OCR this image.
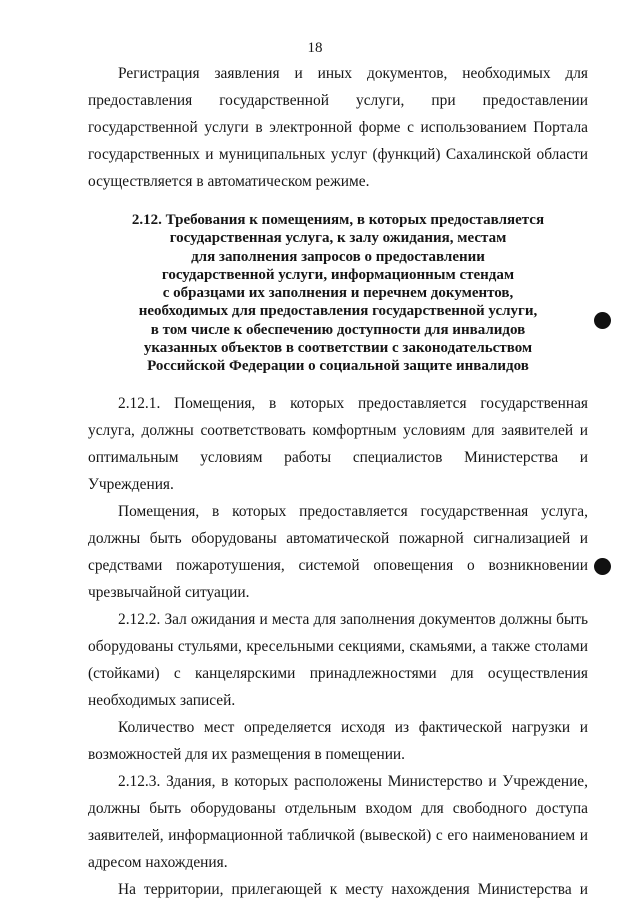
18

Регистрация заявления и иных документов, необходимых для предоставления государственной услуги, при предоставлении государственной услуги в электронной форме с использованием Портала государственных и муниципальных услуг (функций) Сахалинской области осуществляется в автоматическом режиме.

2.12. Требования к помещениям, в которых предоставляется
государственная услуга, к залу ожидания, местам
для заполнения запросов о предоставлении
государственной услуги, информационным стендам
с образцами их заполнения и перечнем документов,
необходимых для предоставления государственной услуги,
в том числе к обеспечению доступности для инвалидов
указанных объектов в соответствии с законодательством
Российской Федерации о социальной защите инвалидов

2.12.1. Помещения, в которых предоставляется государственная услуга, должны соответствовать комфортным условиям для заявителей и оптимальным условиям работы специалистов Министерства и Учреждения.

Помещения, в которых предоставляется государственная услуга, должны быть оборудованы автоматической пожарной сигнализацией и средствами пожаротушения, системой оповещения о возникновении чрезвычайной ситуации.

2.12.2. Зал ожидания и места для заполнения документов должны быть оборудованы стульями, кресельными секциями, скамьями, а также столами (стойками) с канцелярскими принадлежностями для осуществления необходимых записей.

Количество мест определяется исходя из фактической нагрузки и возможностей для их размещения в помещении.

2.12.3. Здания, в которых расположены Министерство и Учреждение, должны быть оборудованы отдельным входом для свободного доступа заявителей, информационной табличкой (вывеской) с его наименованием и адресом нахождения.

На территории, прилегающей к месту нахождения Министерства и
